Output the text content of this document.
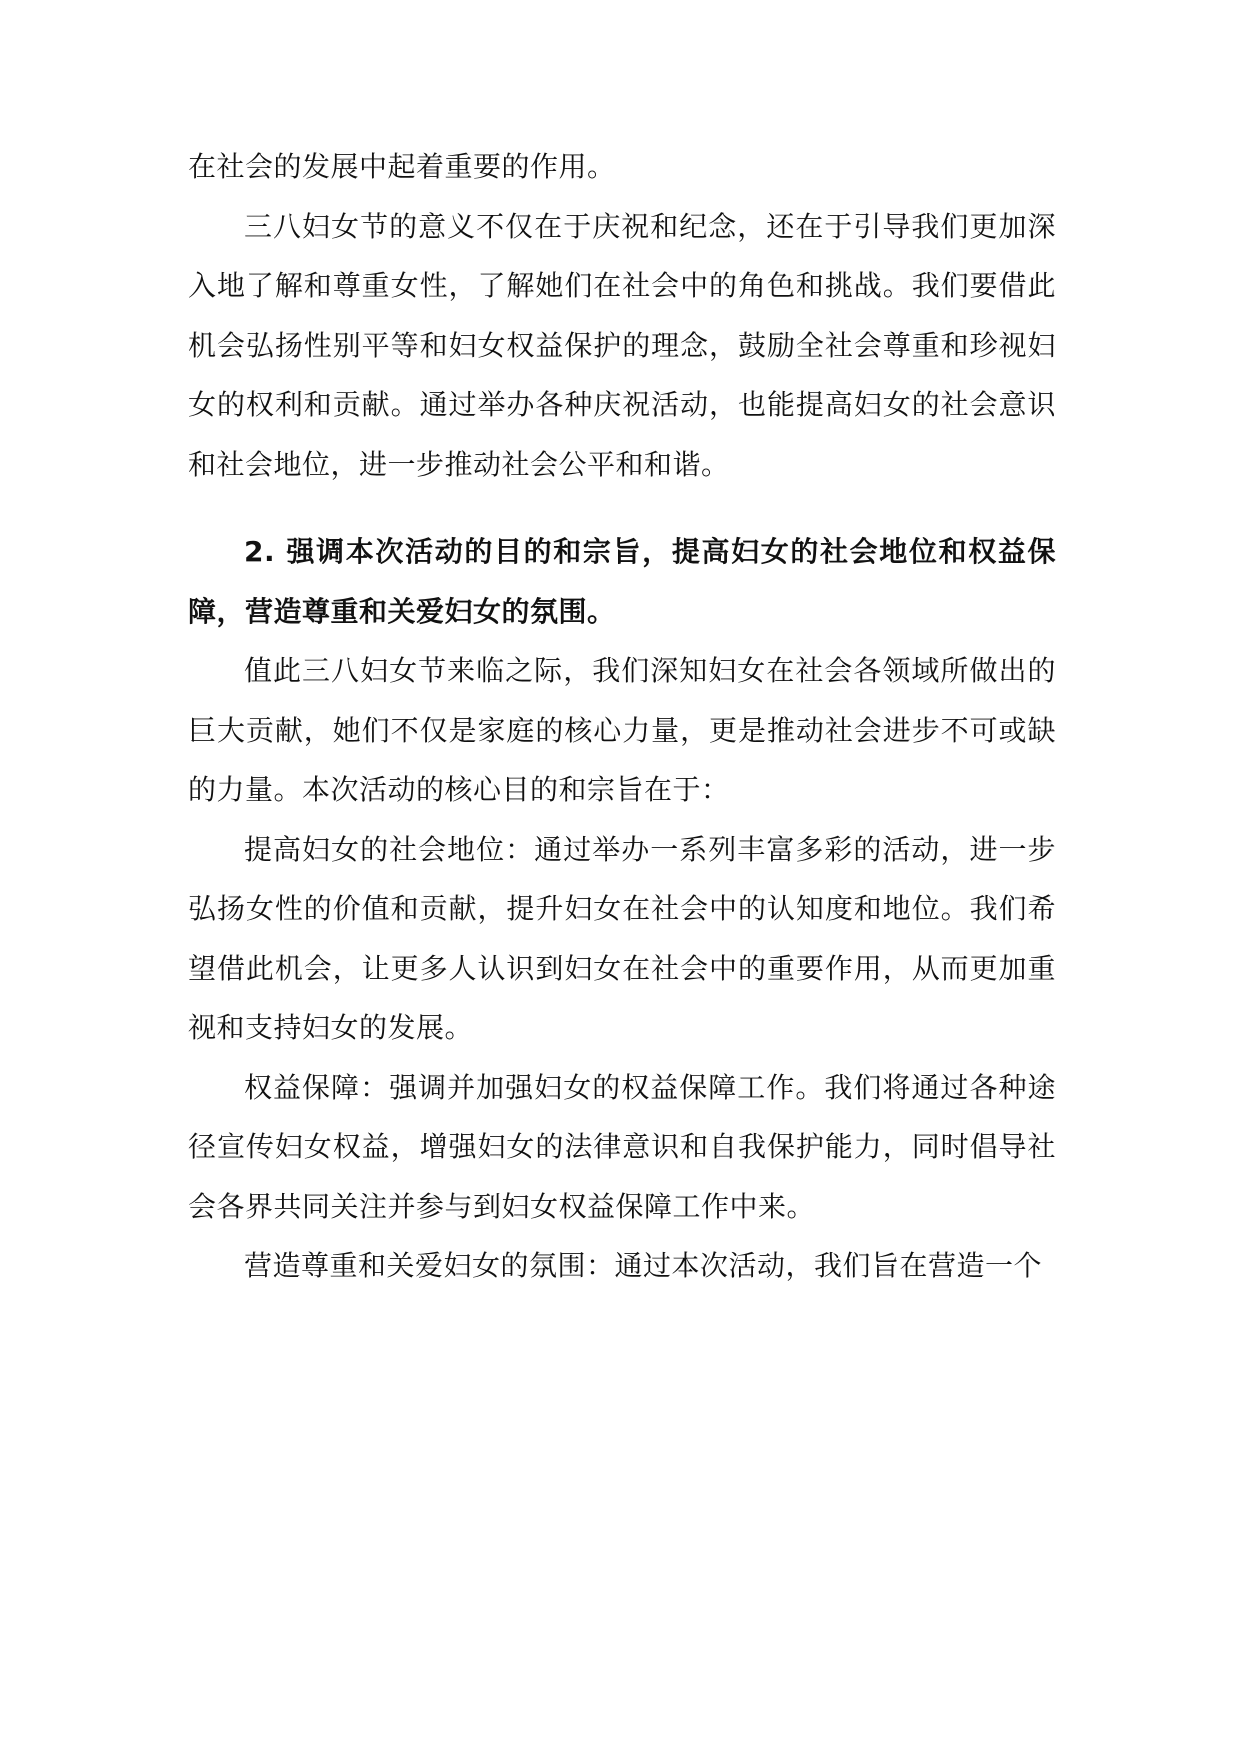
在社会的发展中起着重要的作用。

三八妇女节的意义不仅在于庆祝和纪念，还在于引导我们更加深入地了解和尊重女性，了解她们在社会中的角色和挑战。我们要借此机会弘扬性别平等和妇女权益保护的理念，鼓励全社会尊重和珍视妇女的权利和贡献。通过举办各种庆祝活动，也能提高妇女的社会意识和社会地位，进一步推动社会公平和和谐。

2. 强调本次活动的目的和宗旨，提高妇女的社会地位和权益保障，营造尊重和关爱妇女的氛围。

值此三八妇女节来临之际，我们深知妇女在社会各领域所做出的巨大贡献，她们不仅是家庭的核心力量，更是推动社会进步不可或缺的力量。本次活动的核心目的和宗旨在于：

提高妇女的社会地位：通过举办一系列丰富多彩的活动，进一步弘扬女性的价值和贡献，提升妇女在社会中的认知度和地位。我们希望借此机会，让更多人认识到妇女在社会中的重要作用，从而更加重视和支持妇女的发展。

权益保障：强调并加强妇女的权益保障工作。我们将通过各种途径宣传妇女权益，增强妇女的法律意识和自我保护能力，同时倡导社会各界共同关注并参与到妇女权益保障工作中来。

营造尊重和关爱妇女的氛围：通过本次活动，我们旨在营造一个
